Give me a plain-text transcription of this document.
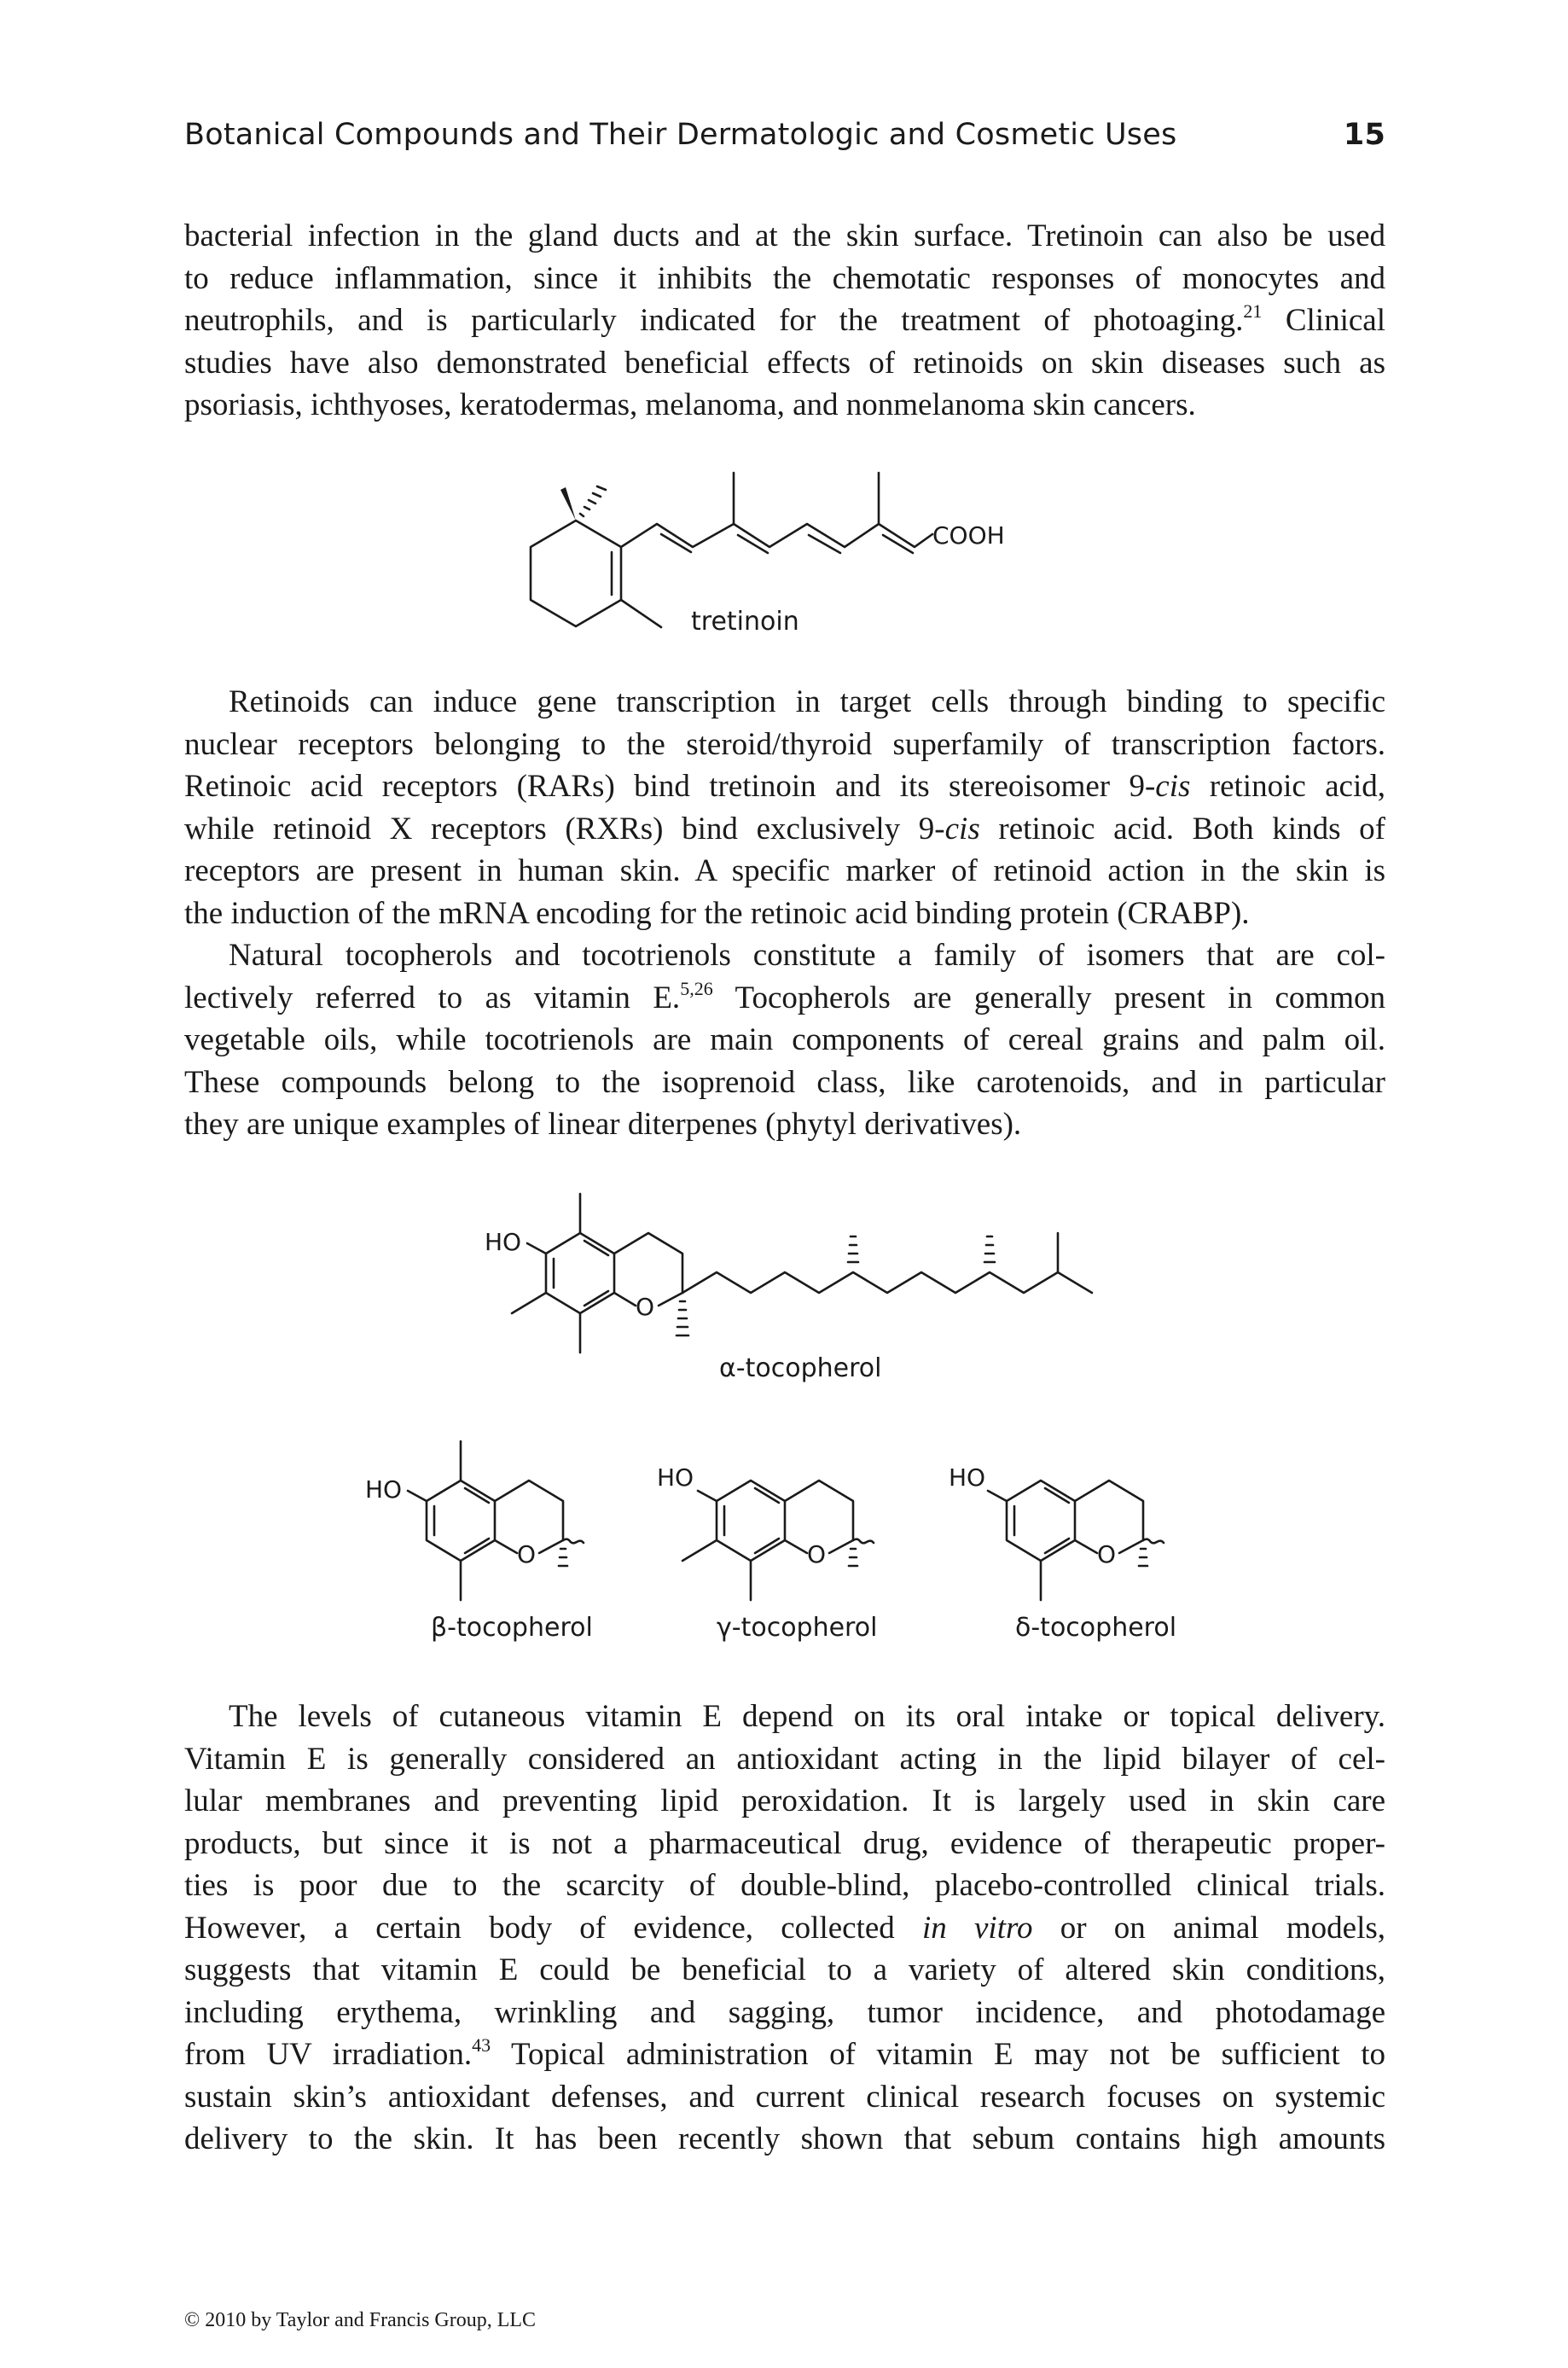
Botanical Compounds and Their Dermatologic and Cosmetic Uses	15

bacterial infection in the gland ducts and at the skin surface. Tretinoin can also be used
to reduce inflammation, since it inhibits the chemotatic responses of monocytes and
neutrophils, and is particularly indicated for the treatment of photoaging.$^{21}$ Clinical
studies have also demonstrated beneficial effects of retinoids on skin diseases such as
psoriasis, ichthyoses, keratodermas, melanoma, and nonmelanoma skin cancers.

COOH
tretinoin

Retinoids can induce gene transcription in target cells through binding to specific
nuclear receptors belonging to the steroid/thyroid superfamily of transcription factors.
Retinoic acid receptors (RARs) bind tretinoin and its stereoisomer 9-cis retinoic acid,
while retinoid X receptors (RXRs) bind exclusively 9-cis retinoic acid. Both kinds of
receptors are present in human skin. A specific marker of retinoid action in the skin is
the induction of the mRNA encoding for the retinoic acid binding protein (CRABP).

Natural tocopherols and tocotrienols constitute a family of isomers that are col-
lectively referred to as vitamin E.$^{5,26}$ Tocopherols are generally present in common
vegetable oils, while tocotrienols are main components of cereal grains and palm oil.
These compounds belong to the isoprenoid class, like carotenoids, and in particular
they are unique examples of linear diterpenes (phytyl derivatives).

O
HO
α-tocopherol
HO
O
β-tocopherol
HO
O
γ-tocopherol
HO
O
δ-tocopherol

The levels of cutaneous vitamin E depend on its oral intake or topical delivery.
Vitamin E is generally considered an antioxidant acting in the lipid bilayer of cel-
lular membranes and preventing lipid peroxidation. It is largely used in skin care
products, but since it is not a pharmaceutical drug, evidence of therapeutic proper-
ties is poor due to the scarcity of double-blind, placebo-controlled clinical trials.
However, a certain body of evidence, collected in vitro or on animal models,
suggests that vitamin E could be beneficial to a variety of altered skin conditions,
including erythema, wrinkling and sagging, tumor incidence, and photodamage
from UV irradiation.$^{43}$ Topical administration of vitamin E may not be sufficient to
sustain skin’s antioxidant defenses, and current clinical research focuses on systemic
delivery to the skin. It has been recently shown that sebum contains high amounts

© 2010 by Taylor and Francis Group, LLC
